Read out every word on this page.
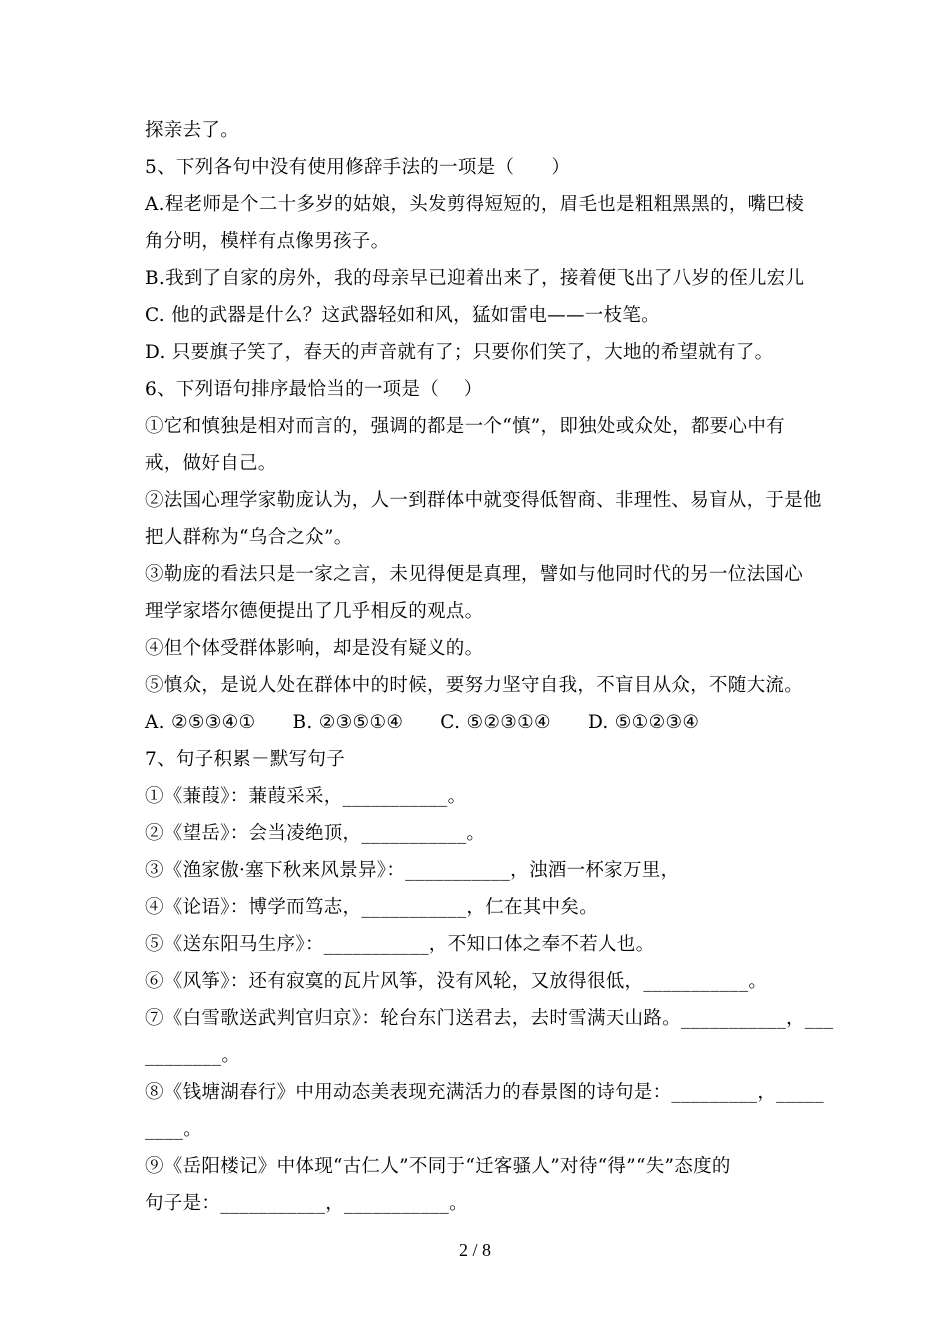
探亲去了。
5、下列各句中没有使用修辞手法的一项是（      ）
A.程老师是个二十多岁的姑娘，头发剪得短短的，眉毛也是粗粗黑黑的，嘴巴棱
角分明，模样有点像男孩子。
B.我到了自家的房外，我的母亲早已迎着出来了，接着便飞出了八岁的侄儿宏儿
C. 他的武器是什么？这武器轻如和风，猛如雷电——一枝笔。
D. 只要旗子笑了，春天的声音就有了；只要你们笑了，大地的希望就有了。
6、下列语句排序最恰当的一项是（    ）
①它和慎独是相对而言的，强调的都是一个“慎”，即独处或众处，都要心中有
戒，做好自己。
②法国心理学家勒庞认为，人一到群体中就变得低智商、非理性、易盲从，于是他
把人群称为“乌合之众”。
③勒庞的看法只是一家之言，未见得便是真理，譬如与他同时代的另一位法国心
理学家塔尔德便提出了几乎相反的观点。
④但个体受群体影响，却是没有疑义的。
⑤慎众，是说人处在群体中的时候，要努力坚守自我，不盲目从众，不随大流。
A. ②⑤③④①      B. ②③⑤①④      C. ⑤②③①④      D. ⑤①②③④
7、句子积累－默写句子
①《蒹葭》：蒹葭采采，___________。
②《望岳》：会当凌绝顶，___________。
③《渔家傲·塞下秋来风景异》：___________，浊酒一杯家万里，
④《论语》：博学而笃志，___________，仁在其中矣。
⑤《送东阳马生序》：___________，不知口体之奉不若人也。
⑥《风筝》：还有寂寞的瓦片风筝，没有风轮，又放得很低，___________。
⑦《白雪歌送武判官归京》：轮台东门送君去，去时雪满天山路。___________，___
________。
⑧《钱塘湖春行》中用动态美表现充满活力的春景图的诗句是：_________，_____
____。
⑨《岳阳楼记》中体现“古仁人”不同于“迁客骚人”对待“得”“失”态度的
句子是：___________，___________。
2 / 8
